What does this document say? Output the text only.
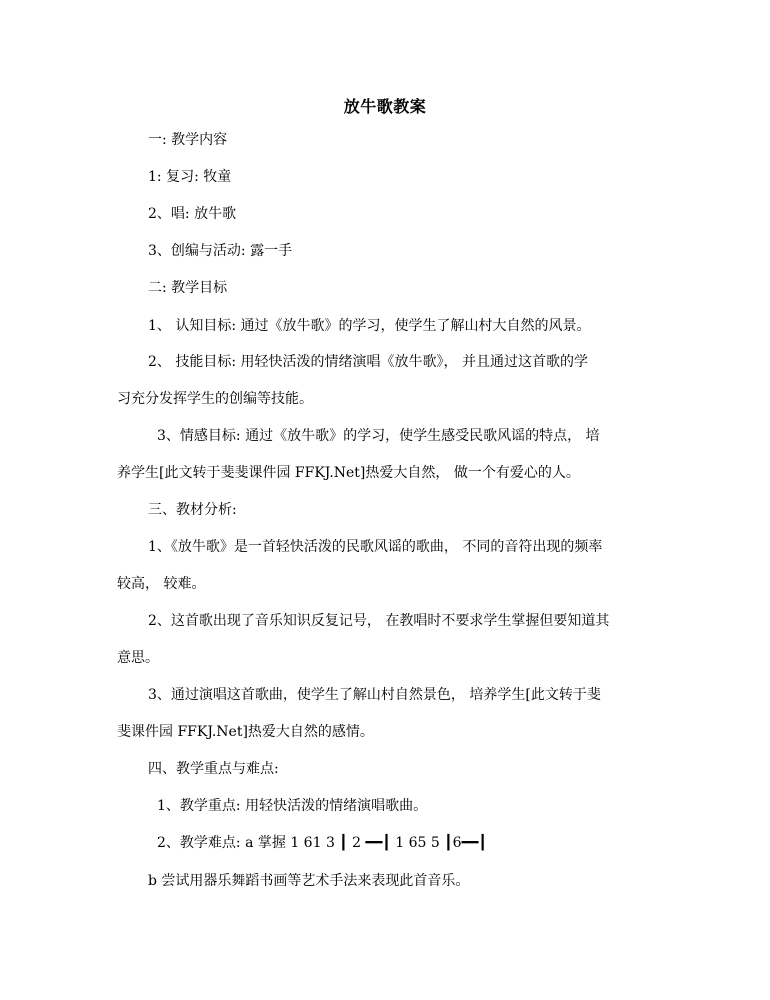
放牛歌教案
一: 教学内容
1: 复习: 牧童
2、唱: 放牛歌
3、创编与活动: 露一手
二: 教学目标
1、 认知目标: 通过《放牛歌》的学习，使学生了解山村大自然的风景。
2、 技能目标: 用轻快活泼的情绪演唱《放牛歌》， 并且通过这首歌的学
习充分发挥学生的创编等技能。
3、情感目标: 通过《放牛歌》的学习，使学生感受民歌风谣的特点， 培
养学生[此文转于斐斐课件园 FFKJ.Net]热爱大自然， 做一个有爱心的人。
三、教材分析:
1、《放牛歌》是一首轻快活泼的民歌风谣的歌曲， 不同的音符出现的频率
较高， 较难。
2、这首歌出现了音乐知识反复记号， 在教唱时不要求学生掌握但要知道其
意思。
3、通过演唱这首歌曲，使学生了解山村自然景色， 培养学生[此文转于斐
斐课件园 FFKJ.Net]热爱大自然的感情。
四、教学重点与难点:
1、教学重点: 用轻快活泼的情绪演唱歌曲。
2、教学难点: a 掌握 1 61 3 ┃ 2 ━━┃ 1 65 5 ┃6━━┃
b 尝试用器乐舞蹈书画等艺术手法来表现此首音乐。
